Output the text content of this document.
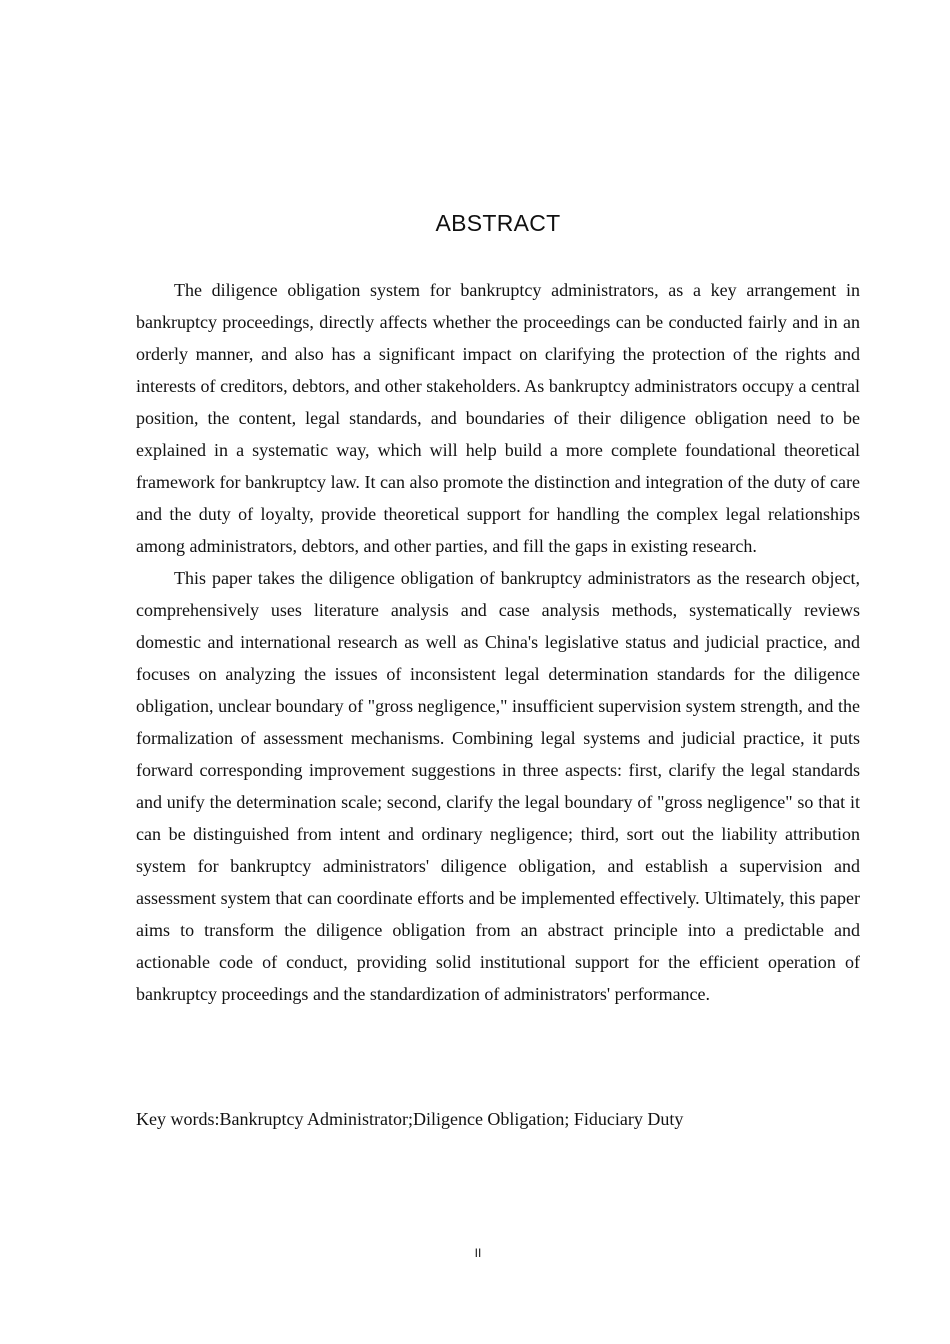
ABSTRACT

The diligence obligation system for bankruptcy administrators, as a key arrangement in bankruptcy proceedings, directly affects whether the proceedings can be conducted fairly and in an orderly manner, and also has a significant impact on clarifying the protection of the rights and interests of creditors, debtors, and other stakeholders. As bankruptcy administrators occupy a central position, the content, legal standards, and boundaries of their diligence obligation need to be explained in a systematic way, which will help build a more complete foundational theoretical framework for bankruptcy law. It can also promote the distinction and integration of the duty of care and the duty of loyalty, provide theoretical support for handling the complex legal relationships among administrators, debtors, and other parties, and fill the gaps in existing research.

This paper takes the diligence obligation of bankruptcy administrators as the research object, comprehensively uses literature analysis and case analysis methods, systematically reviews domestic and international research as well as China's legislative status and judicial practice, and focuses on analyzing the issues of inconsistent legal determination standards for the diligence obligation, unclear boundary of "gross negligence," insufficient supervision system strength, and the formalization of assessment mechanisms. Combining legal systems and judicial practice, it puts forward corresponding improvement suggestions in three aspects: first, clarify the legal standards and unify the determination scale; second, clarify the legal boundary of "gross negligence" so that it can be distinguished from intent and ordinary negligence; third, sort out the liability attribution system for bankruptcy administrators' diligence obligation, and establish a supervision and assessment system that can coordinate efforts and be implemented effectively. Ultimately, this paper aims to transform the diligence obligation from an abstract principle into a predictable and actionable code of conduct, providing solid institutional support for the efficient operation of bankruptcy proceedings and the standardization of administrators' performance.

Key words:Bankruptcy Administrator;Diligence Obligation; Fiduciary Duty

II
